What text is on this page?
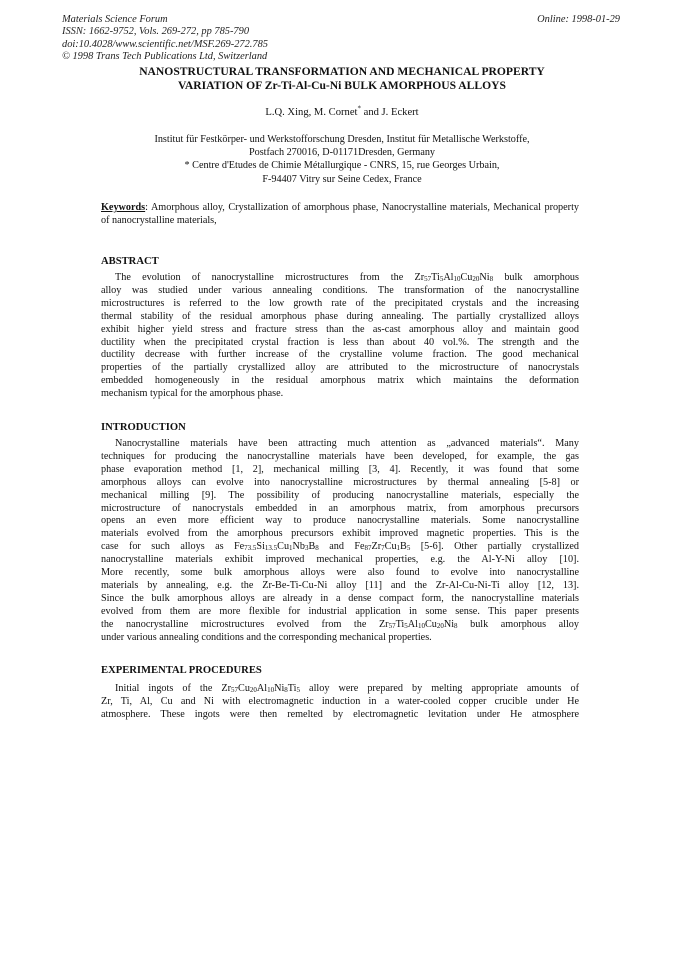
Materials Science Forum
ISSN: 1662-9752, Vols. 269-272, pp 785-790
doi:10.4028/www.scientific.net/MSF.269-272.785
© 1998 Trans Tech Publications Ltd, Switzerland
Online: 1998-01-29
NANOSTRUCTURAL TRANSFORMATION AND MECHANICAL PROPERTY
VARIATION OF Zr-Ti-Al-Cu-Ni BULK AMORPHOUS ALLOYS
L.Q. Xing, M. Cornet* and J. Eckert
Institut für Festkörper- und Werkstofforschung Dresden, Institut für Metallische Werkstoffe,
Postfach 270016, D-01171Dresden, Germany
* Centre d'Etudes de Chimie Métallurgique - CNRS, 15, rue Georges Urbain,
F-94407 Vitry sur Seine Cedex, France
Keywords: Amorphous alloy, Crystallization of amorphous phase, Nanocrystalline materials, Mechanical property of nanocrystalline materials,
ABSTRACT
The evolution of nanocrystalline microstructures from the $Zr_{57}Ti_5Al_{10}Cu_{20}Ni_8$ bulk amorphous
alloy was studied under various annealing conditions. The transformation of the nanocrystalline
microstructures is referred to the low growth rate of the precipitated crystals and the increasing
thermal stability of the residual amorphous phase during annealing. The partially crystallized alloys
exhibit higher yield stress and fracture stress than the as-cast amorphous alloy and maintain good
ductility when the precipitated crystal fraction is less than about 40 vol.%. The strength and the
ductility decrease with further increase of the crystalline volume fraction. The good mechanical
properties of the partially crystallized alloy are attributed to the microstructure of nanocrystals
embedded homogeneously in the residual amorphous matrix which maintains the deformation
mechanism typical for the amorphous phase.
INTRODUCTION
Nanocrystalline materials have been attracting much attention as „advanced materials“. Many
techniques for producing the nanocrystalline materials have been developed, for example, the gas
phase evaporation method [1, 2], mechanical milling [3, 4]. Recently, it was found that some
amorphous alloys can evolve into nanocrystalline microstructures by thermal annealing [5-8] or
mechanical milling [9]. The possibility of producing nanocrystalline materials, especially the
microstructure of nanocrystals embedded in an amorphous matrix, from amorphous precursors
opens an even more efficient way to produce nanocrystalline materials. Some nanocrystalline
materials evolved from the amorphous precursors exhibit improved magnetic properties. This is the
case for such alloys as $Fe_{73.5}Si_{13.5}Cu_1Nb_3B_8$ and $Fe_{87}Zr_7Cu_1B_5$ [5-6]. Other partially crystallized
nanocrystalline materials exhibit improved mechanical properties, e.g. the Al-Y-Ni alloy [10].
More recently, some bulk amorphous alloys were also found to evolve into nanocrystalline
materials by annealing, e.g. the Zr-Be-Ti-Cu-Ni alloy [11] and the Zr-Al-Cu-Ni-Ti alloy [12, 13].
Since the bulk amorphous alloys are already in a dense compact form, the nanocrystalline materials
evolved from them are more flexible for industrial application in some sense. This paper presents
the nanocrystalline microstructures evolved from the $Zr_{57}Ti_5Al_{10}Cu_{20}Ni_8$ bulk amorphous alloy
under various annealing conditions and the corresponding mechanical properties.
EXPERIMENTAL PROCEDURES
Initial ingots of the $Zr_{57}Cu_{20}Al_{10}Ni_8Ti_5$ alloy were prepared by melting appropriate amounts of
Zr, Ti, Al, Cu and Ni with electromagnetic induction in a water-cooled copper crucible under He
atmosphere. These ingots were then remelted by electromagnetic levitation under He atmosphere
